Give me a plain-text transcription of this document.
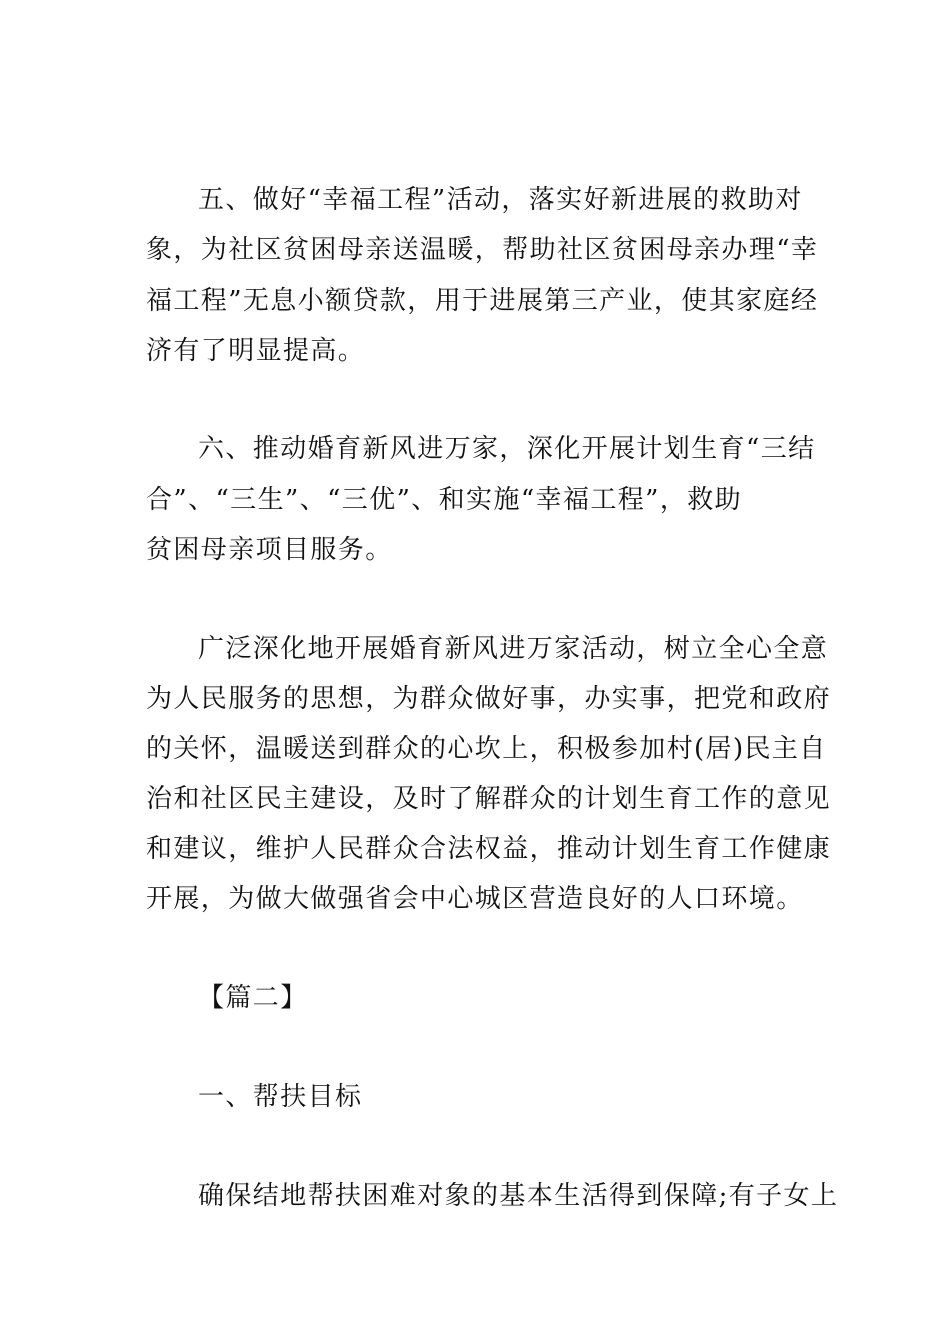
五、做好“幸福工程”活动，落实好新进展的救助对
象，为社区贫困母亲送温暖，帮助社区贫困母亲办理“幸
福工程”无息小额贷款，用于进展第三产业，使其家庭经
济有了明显提高。
六、推动婚育新风进万家，深化开展计划生育“三结
合”、“三生”、“三优”、和实施“幸福工程”，救助
贫困母亲项目服务。
广泛深化地开展婚育新风进万家活动，树立全心全意
为人民服务的思想，为群众做好事，办实事，把党和政府
的关怀，温暖送到群众的心坎上，积极参加村(居)民主自
治和社区民主建设，及时了解群众的计划生育工作的意见
和建议，维护人民群众合法权益，推动计划生育工作健康
开展，为做大做强省会中心城区营造良好的人口环境。
【篇二】
一、帮扶目标
确保结地帮扶困难对象的基本生活得到保障;有子女上
